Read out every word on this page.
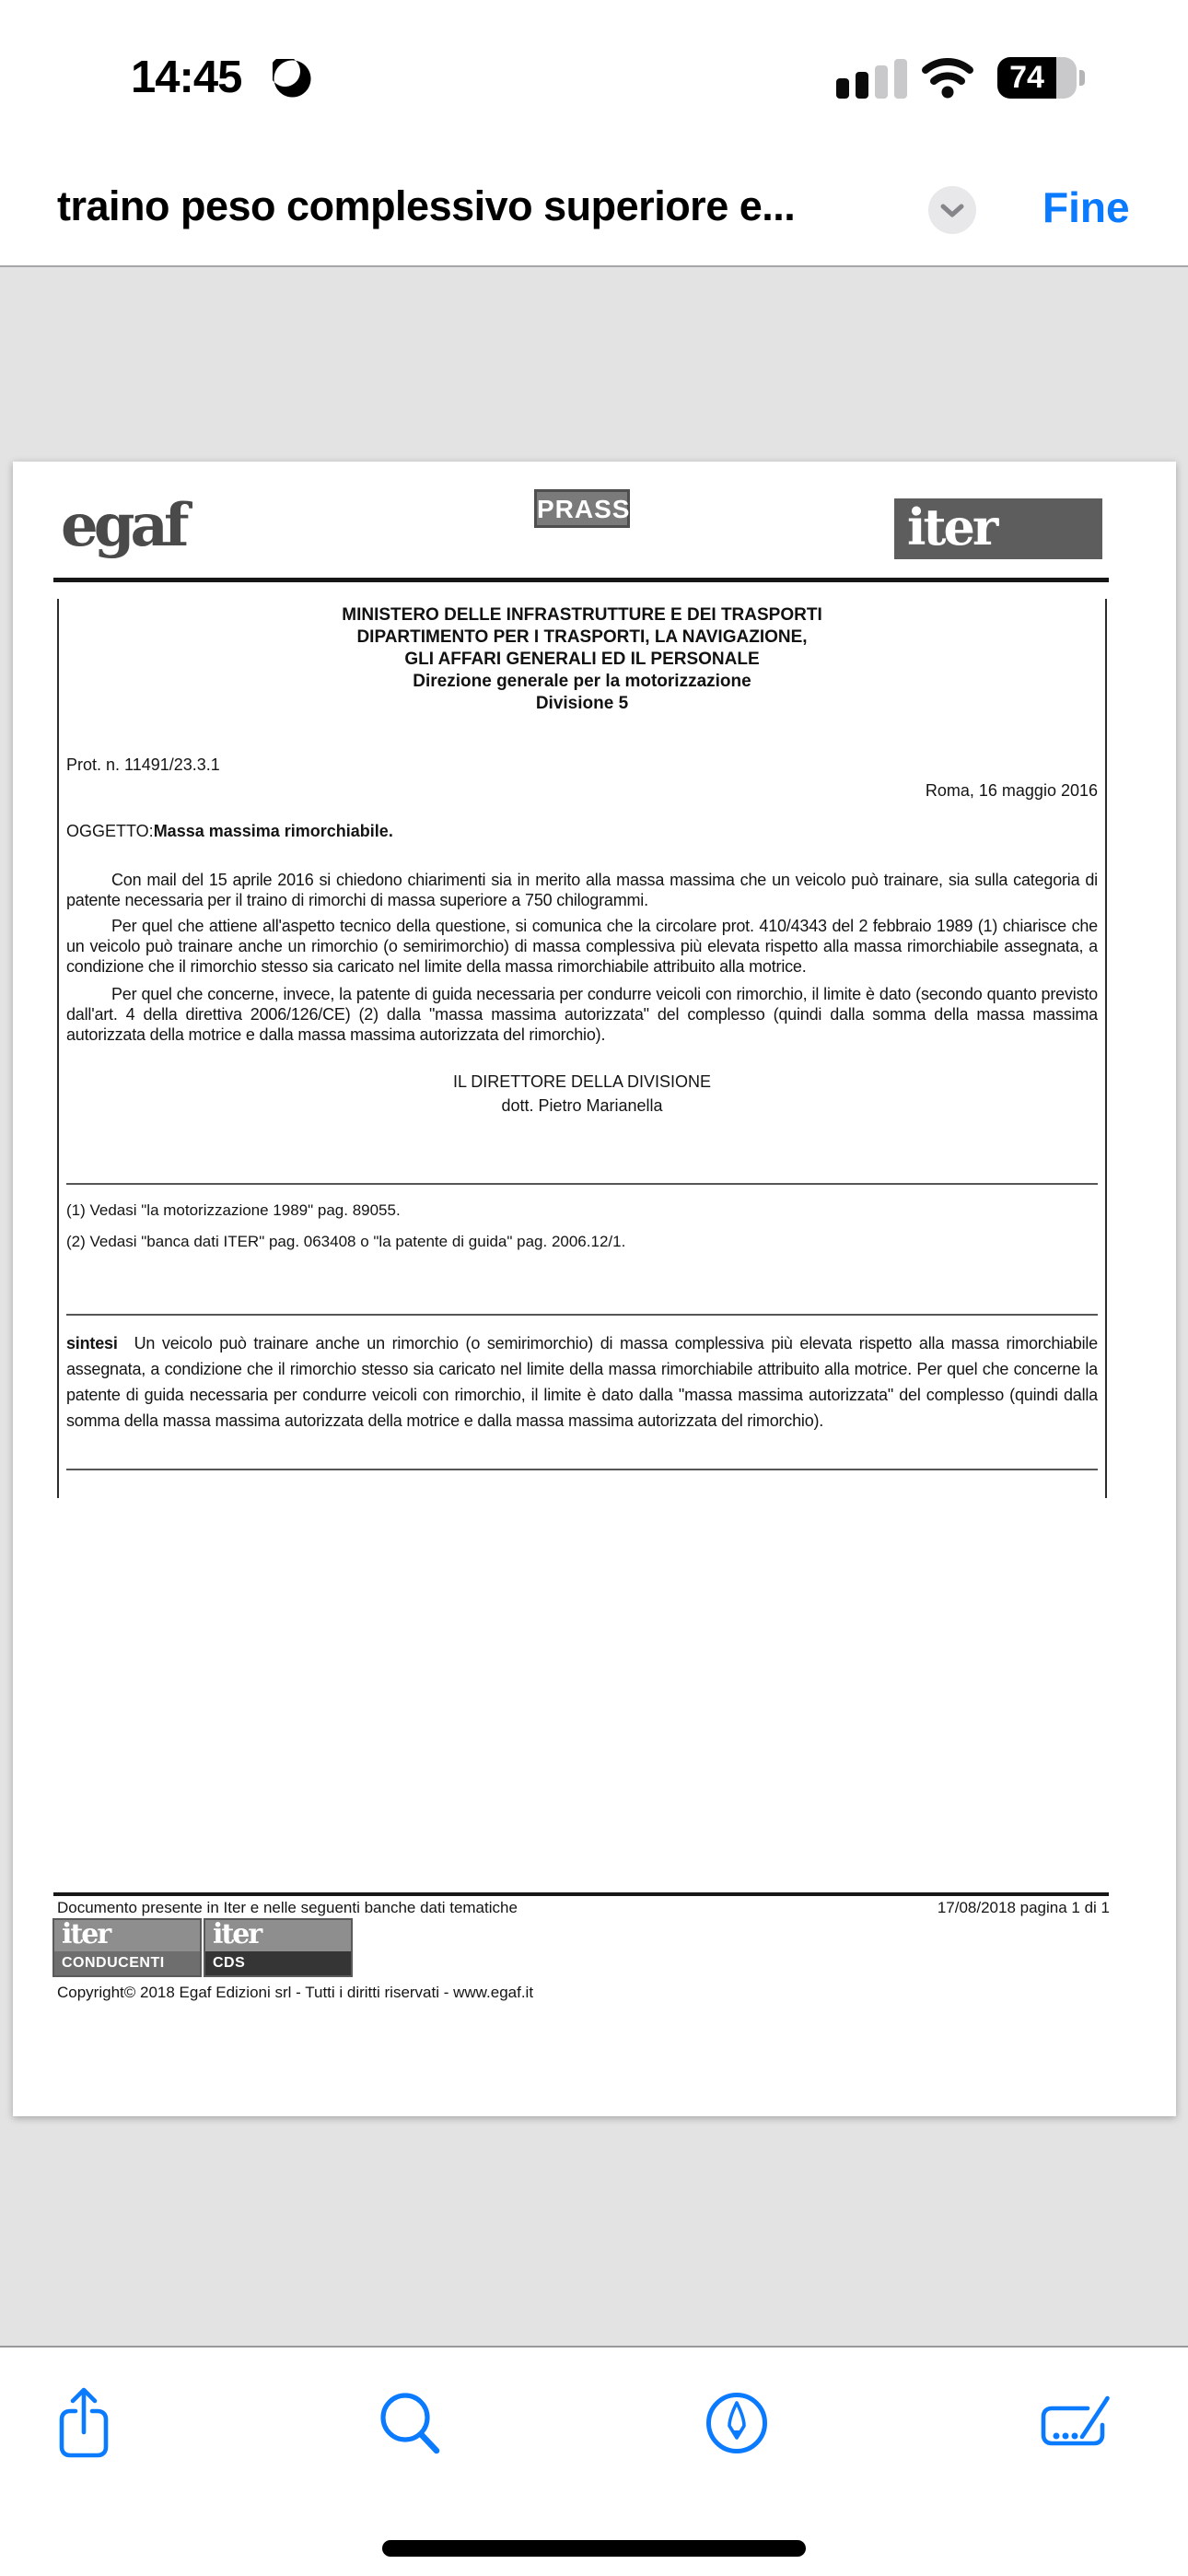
14:45	74
traino peso complessivo superiore e...	Fine
egaf	PRASSI	iter
MINISTERO DELLE INFRASTRUTTURE E DEI TRASPORTI
DIPARTIMENTO PER I TRASPORTI, LA NAVIGAZIONE,
GLI AFFARI GENERALI ED IL PERSONALE
Direzione generale per la motorizzazione
Divisione 5
Prot. n. 11491/23.3.1
Roma, 16 maggio 2016
OGGETTO:Massa massima rimorchiabile.

Con mail del 15 aprile 2016 si chiedono chiarimenti sia in merito alla massa massima che un veicolo può trainare, sia sulla categoria di patente necessaria per il traino di rimorchi di massa superiore a 750 chilogrammi.

Per quel che attiene all'aspetto tecnico della questione, si comunica che la circolare prot. 410/4343 del 2 febbraio 1989 (1) chiarisce che un veicolo può trainare anche un rimorchio (o semirimorchio) di massa complessiva più elevata rispetto alla massa rimorchiabile assegnata, a condizione che il rimorchio stesso sia caricato nel limite della massa rimorchiabile attribuito alla motrice.

Per quel che concerne, invece, la patente di guida necessaria per condurre veicoli con rimorchio, il limite è dato (secondo quanto previsto dall'art. 4 della direttiva 2006/126/CE) (2) dalla "massa massima autorizzata" del complesso (quindi dalla somma della massa massima autorizzata della motrice e dalla massa massima autorizzata del rimorchio).

IL DIRETTORE DELLA DIVISIONE
dott. Pietro Marianella
(1) Vedasi "la motorizzazione 1989" pag. 89055.
(2) Vedasi "banca dati ITER" pag. 063408 o "la patente di guida" pag. 2006.12/1.

sintesi Un veicolo può trainare anche un rimorchio (o semirimorchio) di massa complessiva più elevata rispetto alla massa rimorchiabile assegnata, a condizione che il rimorchio stesso sia caricato nel limite della massa rimorchiabile attribuito alla motrice. Per quel che concerne la patente di guida necessaria per condurre veicoli con rimorchio, il limite è dato dalla "massa massima autorizzata" del complesso (quindi dalla somma della massa massima autorizzata della motrice e dalla massa massima autorizzata del rimorchio).

Documento presente in Iter e nelle seguenti banche dati tematiche	17/08/2018 pagina 1 di 1
iter
CONDUCENTI
iter
CDS
Copyright© 2018 Egaf Edizioni srl - Tutti i diritti riservati - www.egaf.it
